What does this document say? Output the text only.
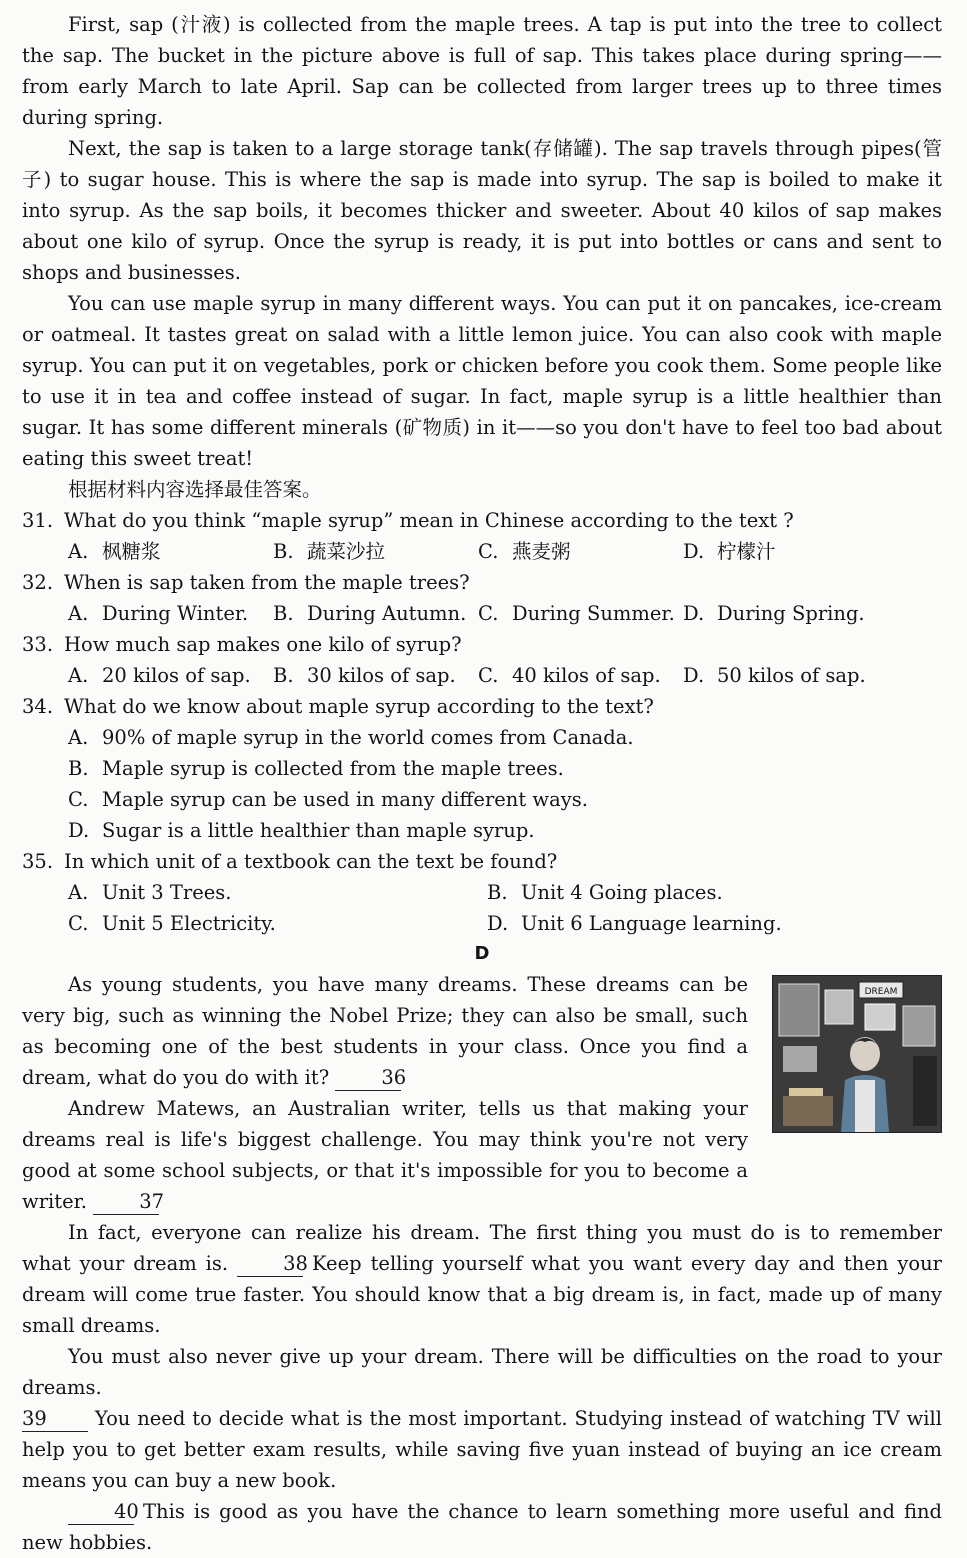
First, sap (汁液) is collected from the maple trees. A tap is put into the tree to collect the sap. The bucket in the picture above is full of sap. This takes place during spring——from early March to late April. Sap can be collected from larger trees up to three times during spring.

Next, the sap is taken to a large storage tank(存储罐). The sap travels through pipes(管子) to sugar house. This is where the sap is made into syrup. The sap is boiled to make it into syrup. As the sap boils, it becomes thicker and sweeter. About 40 kilos of sap makes about one kilo of syrup. Once the syrup is ready, it is put into bottles or cans and sent to shops and businesses.

You can use maple syrup in many different ways. You can put it on pancakes, ice-cream or oatmeal. It tastes great on salad with a little lemon juice. You can also cook with maple syrup. You can put it on vegetables, pork or chicken before you cook them. Some people like to use it in tea and coffee instead of sugar. In fact, maple syrup is a little healthier than sugar. It has some different minerals (矿物质) in it——so you don't have to feel too bad about eating this sweet treat!

根据材料内容选择最佳答案。

31. What do you think “maple syrup” mean in Chinese according to the text ?
A. 枫糖浆	B. 蔬菜沙拉	C. 燕麦粥	D. 柠檬汁
32. When is sap taken from the maple trees?
A. During Winter.	B. During Autumn. C. During Summer. D. During Spring.
33. How much sap makes one kilo of syrup?
A. 20 kilos of sap.	B. 30 kilos of sap.	C. 40 kilos of sap.	D. 50 kilos of sap.
34. What do we know about maple syrup according to the text?
A. 90% of maple syrup in the world comes from Canada.
B. Maple syrup is collected from the maple trees.
C. Maple syrup can be used in many different ways.
D. Sugar is a little healthier than maple syrup.
35. In which unit of a textbook can the text be found?
A. Unit 3 Trees.	B. Unit 4 Going places.
C. Unit 5 Electricity.	D. Unit 6 Language learning.
D
DREAM

As young students, you have many dreams. These dreams can be very big, such as winning the Nobel Prize; they can also be small, such as becoming one of the best students in your class. Once you find a dream, what do you do with it?	36

Andrew Matews, an Australian writer, tells us that making your dreams real is life's biggest challenge. You may think you're not very good at some school subjects, or that it's impossible for you to become a writer.	37

In fact, everyone can realize his dream. The first thing you must do is to remember what your dream is.	38 Keep telling yourself what you want every day and then your dream will come true faster. You should know that a big dream is, in fact, made up of many small dreams.

You must also never give up your dream. There will be difficulties on the road to your dreams.

39 You need to decide what is the most important. Studying instead of watching TV will help you to get better exam results, while saving five yuan instead of buying an ice cream means you can buy a new book.

40 This is good as you have the chance to learn something more useful and find new hobbies.
